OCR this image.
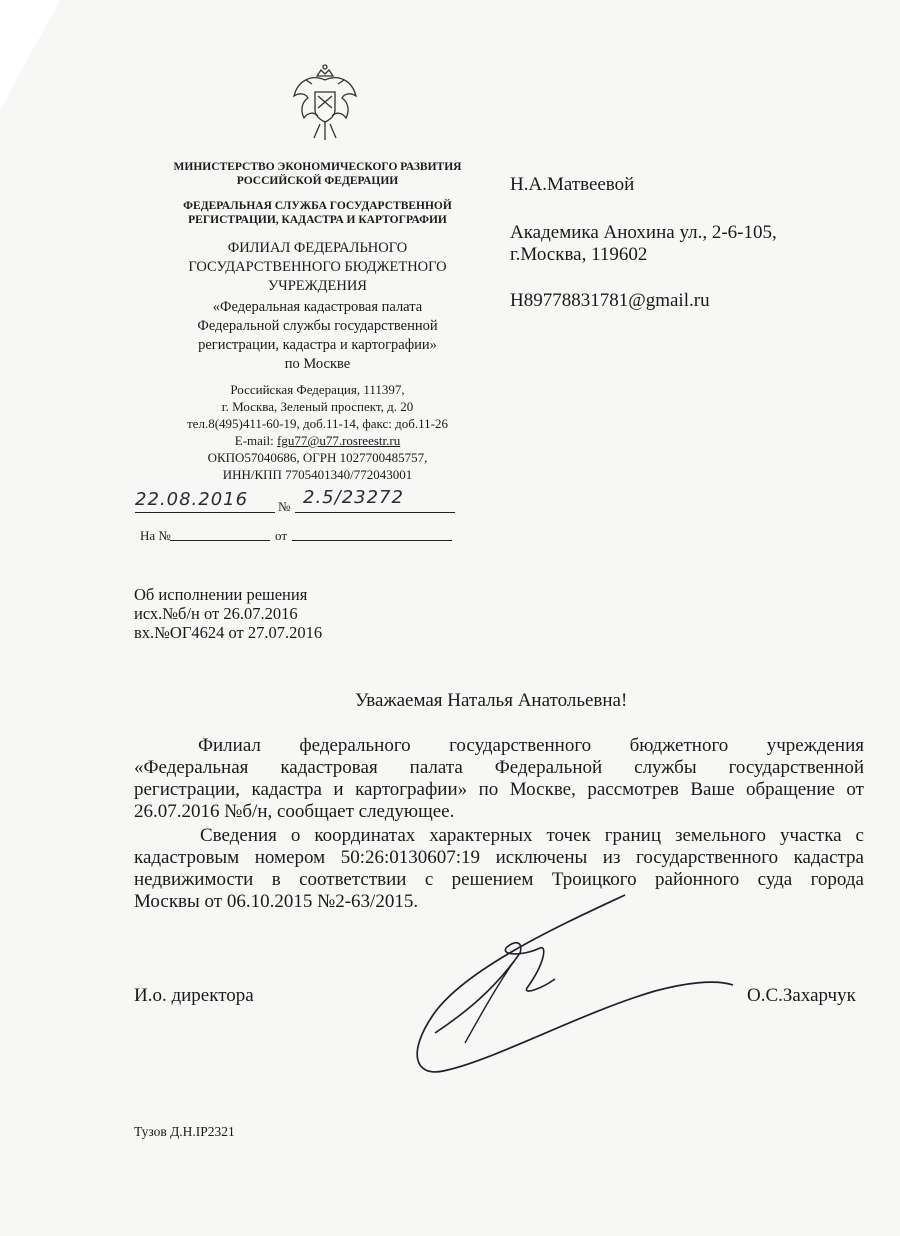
МИНИСТЕРСТВО ЭКОНОМИЧЕСКОГО РАЗВИТИЯ
РОССИЙСКОЙ ФЕДЕРАЦИИ
ФЕДЕРАЛЬНАЯ СЛУЖБА ГОСУДАРСТВЕННОЙ
РЕГИСТРАЦИИ, КАДАСТРА И КАРТОГРАФИИ
ФИЛИАЛ ФЕДЕРАЛЬНОГО
ГОСУДАРСТВЕННОГО БЮДЖЕТНОГО
УЧРЕЖДЕНИЯ
«Федеральная кадастровая палата
Федеральной службы государственной
регистрации, кадастра и картографии»
по Москве
Российская Федерация, 111397,
г. Москва, Зеленый проспект, д. 20
тел.8(495)411-60-19, доб.11-14, факс: доб.11-26
E-mail: fgu77@u77.rosreestr.ru
ОКПО57040686, ОГРН 1027700485757,
ИНН/КПП 7705401340/772043001
22.08.2016 № 2.5/23272
На №	от
Н.А.Матвеевой
Академика Анохина ул., 2-6-105,
г.Москва, 119602
Н89778831781@gmail.ru
Об исполнении решения
исх.№б/н от 26.07.2016
вх.№ОГ4624 от 27.07.2016
Уважаемая Наталья Анатольевна!
Филиал федерального государственного бюджетного учреждения
«Федеральная кадастровая палата Федеральной службы государственной
регистрации, кадастра и картографии» по Москве, рассмотрев Ваше обращение от
26.07.2016 №б/н, сообщает следующее.
Сведения о координатах характерных точек границ земельного участка с
кадастровым номером 50:26:0130607:19 исключены из государственного кадастра
недвижимости в соответствии с решением Троицкого районного суда города
Москвы от 06.10.2015 №2-63/2015.
И.о. директора	О.С.Захарчук
Тузов Д.Н.IP2321
